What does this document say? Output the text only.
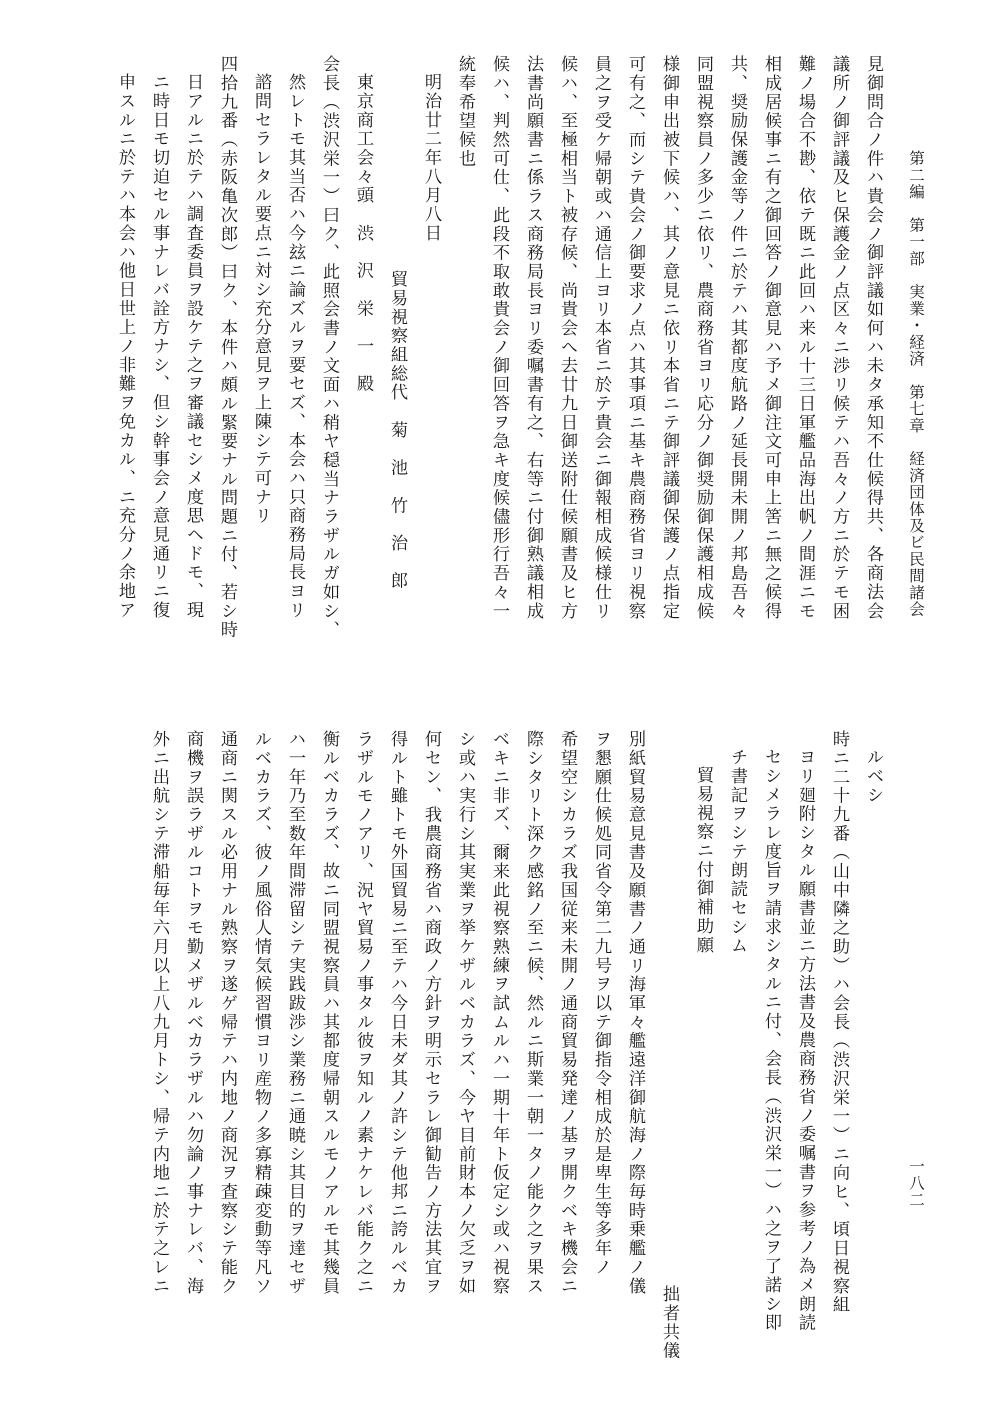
第二編　第一部　実業・経済　第七章　経済団体及ビ民間諸会
一八二
見御問合ノ件ハ貴会ノ御評議如何ハ未タ承知不仕候得共、各商法会
議所ノ御評議及ヒ保護金ノ点区々ニ渉リ候テハ吾々ノ方ニ於テモ困
難ノ場合不尠、依テ既ニ此回ハ来ル十三日軍艦品海出帆ノ間涯ニモ
相成居候事ニ有之御回答ノ御意見ハ予メ御注文可申上筈ニ無之候得
共、奨励保護金等ノ件ニ於テハ其都度航路ノ延長開未開ノ邦島吾々
同盟視察員ノ多少ニ依リ、農商務省ヨリ応分ノ御奨励御保護相成候
様御申出被下候ハ、其ノ意見ニ依リ本省ニテ御評議御保護ノ点指定
可有之、而シテ貴会ノ御要求ノ点ハ其事項ニ基キ農商務省ヨリ視察
員之ヲ受ケ帰朝或ハ通信上ヨリ本省ニ於テ貴会ニ御報相成候様仕リ
候ハ、至極相当ト被存候、尚貴会へ去廿九日御送附仕候願書及ヒ方
法書尚願書ニ係ラス商務局長ヨリ委嘱書有之、右等ニ付御熟議相成
候ハ、判然可仕、此段不取敢貴会ノ御回答ヲ急キ度候儘形行吾々一
統奉希望候也
明治廿二年八月八日
貿易視察組総代　菊　池　竹　治　郎
東京商工会々頭　渋　沢　栄　一　殿
会長（渋沢栄一）曰ク、此照会書ノ文面ハ稍ヤ穏当ナラザルガ如シ、
然レトモ其当否ハ今玆ニ論ズルヲ要セズ、本会ハ只商務局長ヨリ
諮問セラレタル要点ニ対シ充分意見ヲ上陳シテ可ナリ
四拾九番（赤阪亀次郎）曰ク、本件ハ頗ル緊要ナル問題ニ付、若シ時
日アルニ於テハ調査委員ヲ設ケテ之ヲ審議セシメ度思ヘドモ、現
ニ時日モ切迫セル事ナレバ詮方ナシ、但シ幹事会ノ意見通リニ復
申スルニ於テハ本会ハ他日世上ノ非難ヲ免カル、ニ充分ノ余地ア
ルベシ
時ニ二十九番（山中隣之助）ハ会長（渋沢栄一）ニ向ヒ、頃日視察組
ヨリ廻附シタル願書並ニ方法書及農商務省ノ委嘱書ヲ参考ノ為メ朗読
セシメラレ度旨ヲ請求シタルニ付、会長（渋沢栄一）ハ之ヲ了諾シ即
チ書記ヲシテ朗読セシム
貿易視察ニ付御補助願
拙者共儀
別紙貿易意見書及願書ノ通リ海軍々艦遠洋御航海ノ際毎時乗艦ノ儀
ヲ懇願仕候処同省令第二九号ヲ以テ御指令相成於是卑生等多年ノ
希望空シカラズ我国従来未開ノ通商貿易発達ノ基ヲ開クベキ機会ニ
際シタリト深ク感銘ノ至ニ候、然ルニ斯業一朝一タノ能ク之ヲ果ス
ベキニ非ズ、爾来此視察熟練ヲ試ムルハ一期十年ト仮定シ或ハ視察
シ或ハ実行シ其実業ヲ挙ケザルベカラズ、今ヤ目前財本ノ欠乏ヲ如
何セン、我農商務省ハ商政ノ方針ヲ明示セラレ御勧告ノ方法其宜ヲ
得ルト雖トモ外国貿易ニ至テハ今日未ダ其ノ許シテ他邦ニ誇ルベカ
ラザルモノアリ、況ヤ貿易ノ事タル彼ヲ知ルノ素ナケレバ能ク之ニ
衡ルベカラズ、故ニ同盟視察員ハ其都度帰朝スルモノアルモ其幾員
ハ一年乃至数年間滞留シテ実践跋渉シ業務ニ通暁シ其目的ヲ達セザ
ルベカラズ、彼ノ風俗人情気候習慣ヨリ産物ノ多寡精疎変動等凡ソ
通商ニ関スル必用ナル熟察ヲ遂ゲ帰テハ内地ノ商況ヲ査察シテ能ク
商機ヲ誤ラザルコトヲモ勤メザルベカラザルハ勿論ノ事ナレバ、海
外ニ出航シテ滞船毎年六月以上八九月トシ、帰テ内地ニ於テ之レニ
